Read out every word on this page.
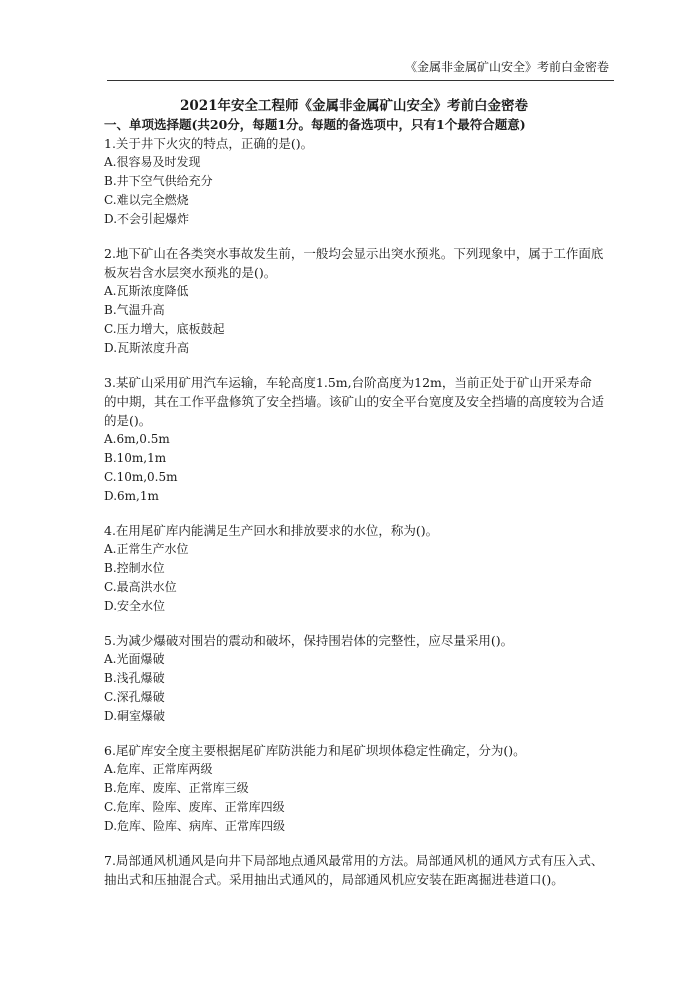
《金属非金属矿山安全》考前白金密卷
2021年安全工程师《金属非金属矿山安全》考前白金密卷
一、单项选择题(共20分，每题1分。每题的备选项中，只有1个最符合题意)
1.关于井下火灾的特点，正确的是()。
A.很容易及时发现
B.井下空气供给充分
C.难以完全燃烧
D.不会引起爆炸
2.地下矿山在各类突水事故发生前，一般均会显示出突水预兆。下列现象中，属于工作面底板灰岩含水层突水预兆的是()。
A.瓦斯浓度降低
B.气温升高
C.压力增大，底板鼓起
D.瓦斯浓度升高
3.某矿山采用矿用汽车运输，车轮高度1.5m,台阶高度为12m，当前正处于矿山开采寿命的中期，其在工作平盘修筑了安全挡墙。该矿山的安全平台宽度及安全挡墙的高度较为合适的是()。
A.6m,0.5m
B.10m,1m
C.10m,0.5m
D.6m,1m
4.在用尾矿库内能满足生产回水和排放要求的水位，称为()。
A.正常生产水位
B.控制水位
C.最高洪水位
D.安全水位
5.为减少爆破对围岩的震动和破坏，保持围岩体的完整性，应尽量采用()。
A.光面爆破
B.浅孔爆破
C.深孔爆破
D.硐室爆破
6.尾矿库安全度主要根据尾矿库防洪能力和尾矿坝坝体稳定性确定，分为()。
A.危库、正常库两级
B.危库、废库、正常库三级
C.危库、险库、废库、正常库四级
D.危库、险库、病库、正常库四级
7.局部通风机通风是向井下局部地点通风最常用的方法。局部通风机的通风方式有压入式、抽出式和压抽混合式。采用抽出式通风的，局部通风机应安装在距离掘进巷道口()。
